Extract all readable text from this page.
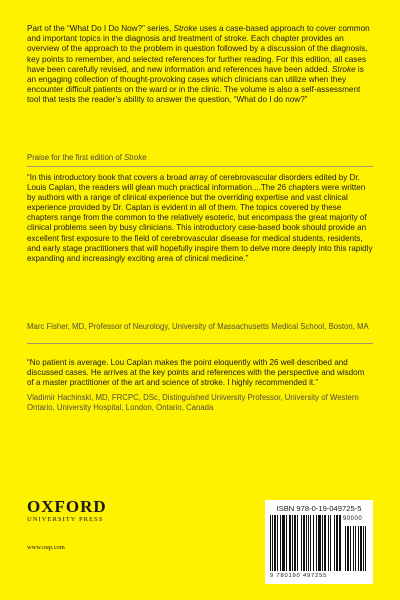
Part of the “What Do I Do Now?” series, Stroke uses a case-based approach to cover common and important topics in the diagnosis and treatment of stroke. Each chapter provides an overview of the approach to the problem in question followed by a discussion of the diagnosis, key points to remember, and selected references for further reading. For this edition, all cases have been carefully revised, and new information and references have been added. Stroke is an engaging collection of thought-provoking cases which clinicians can utilize when they encounter difficult patients on the ward or in the clinic. The volume is also a self-assessment tool that tests the reader’s ability to answer the question, “What do I do now?”
Praise for the first edition of Stroke
“In this introductory book that covers a broad array of cerebrovascular disorders edited by Dr. Louis Caplan, the readers will glean much practical information....The 26 chapters were written by authors with a range of clinical experience but the overriding expertise and vast clinical experience provided by Dr. Caplan is evident in all of them. The topics covered by these chapters range from the common to the relatively esoteric, but encompass the great majority of clinical problems seen by busy clinicians. This introductory case-based book should provide an excellent first exposure to the field of cerebrovascular disease for medical students, residents, and early stage practitioners that will hopefully inspire them to delve more deeply into this rapidly expanding and increasingly exciting area of clinical medicine.”
Marc Fisher, MD, Professor of Neurology, University of Massachusetts Medical School, Boston, MA
“No patient is average. Lou Caplan makes the point eloquently with 26 well described and discussed cases. He arrives at the key points and references with the perspective and wisdom of a master practitioner of the art and science of stroke. I highly recommended it.”
Vladimir Hachinski, MD, FRCPC, DSc, Distinguished University Professor, University of Western Ontario, University Hospital, London, Ontario, Canada
OXFORD
UNIVERSITY PRESS
www.oup.com
ISBN 978-0-19-049725-5
90000
9 780190 497255
